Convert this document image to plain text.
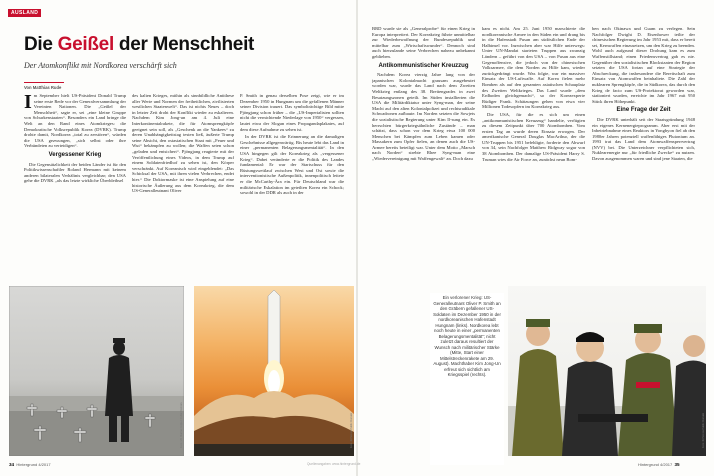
AUSLAND
Die Geißel der Menschheit
Der Atomkonflikt mit Nordkorea verschärft sich
Von Matthias Rude

Im September hielt US-Präsident Donald Trump seine erste Rede vor der Generalversammlung der Vereinten Nationen. Die „Geißel der Menschheit“, sagte er, sei „eine kleine Gruppe von Schurkenstaaten“. Besonders ein Land bringe die Welt an den Rand eines Atomkrieges: die Demokratische Volksrepublik Korea (DVRK). Trump drohte damit, Nordkorea „total zu zerstören“, würden die USA gezwungen, „sich selbst oder ihre Verbündeten zu verteidigen“.

Vergessener Krieg

Die Gegensätzlichkeit der beiden Länder ist für den Politikwissenschaftler Roland Hermann mit keinem anderen bilateralen Verhältnis vergleichbar; den USA gehe die DVRK „als das letzte wirkliche Überbleibsel

des kalten Krieges, mithin als sinnbildliche Antithese aller Werte und Normen der freiheitlichen, zivilisierten westlichen Staatenwelt“. Das ist nichts Neues – doch in letzter Zeit droht der Konflikt wieder zu eskalieren. Nachdem Kim Jong-un am 4. Juli eine Interkontinentalrakete, die für Atomsprengköpfe geeignet sein soll, als „Geschenk an die Yankees“ zu deren Unabhängigkeitstag testen ließ, äußerte Trump seine Absicht, den ostasiatischen Staat mit „Feuer und Wut“ bekämpfen zu wollen; die Waffen seien schon „geladen und entsichert“. Pjöngjang reagierte mit der Veröffentlichung eines Videos, in dem Trump auf einem Soldatenfriedhof zu sehen ist, den Körper verschränkt. Auf Koreanisch wird eingeblendet: „Das Schicksal der USA, mit ihren vielen Verbrechen, endet hier.“ Die Doktormaske ist eine Anspielung auf eine historische Äußerung aus dem Koreakrieg, die dem US-Generalleutnant Oliver

P. Smith in genau derselben Pose zeigt, wie er im Dezember 1950 in Hungnam um die gefallenen Männer seiner Division trauert. Das symbolträchtige Bild mitte Pjöngjang schon früher – die „US-Imperialisten sollten nicht die vernichtende Niederlage von 1950“ vergessen, lautet etwa der Slogan eines Propagandaplakates, auf dem diese Aufnahme zu sehen ist.

In der DVRK ist die Erinnerung an die damaligen Geschehnisse allgegenwärtig. Bis heute lebt das Land in einer „permanenten Belagerungsmentalität“. In den USA hingegen gilt der Koreakrieg als „vergessener Krieg“. Dabei veränderte er die Politik des Landes fundamental: Er war der Startschuss für den Rüstungswettlauf zwischen West und Ost sowie die interventionistische Außenpolitik, innenpolitisch leitete er die McCarthy-Ära ein. Für Deutschland war die militärische Eskalation im geteilten Korea ein Schock; sowohl in der DDR als auch in der

BRD wurde sie als „Generalprobe“ für einen Krieg in Europa interpretiert. Der Koreakrieg führte unmittelbar zur Wiederbewaffnung der Bundesrepublik und mittelbar zum „Wirtschaftswunder“. Dennoch sind auch hierzulande seine Verbrechen nahezu unbekannt geblieben.

Antikommunistischer Kreuzzug

Nachdem Korea vierzig Jahre lang von der japanischen Kolonialmacht grausam ausgebeutet worden war, wurde das Land nach dem Zweiten Weltkrieg entlang des 38. Breitengrades in zwei Besatzungszonen geteilt. Im Süden installierten die USA die Militärdiktatur unter Syng-man, der seine Macht auf den alten Kolonialpolizei und rechtsradikale Schwadronen aufbaute. Im Norden setzten die Sowjets die sozialistische Regierung unter Kim Il-sung ein. Es herrschten bürgerkriegsähnliche Zustände – man schätzt, dass schon vor dem Krieg etwa 100 000 Menschen bei Kämpfen zum Leben kamen oder Massakern zum Opfer fielen, an denen auch die US-Armee bereits beteiligt war. Unter dem Motto „Marsch nach Norden“ strebte Rhee Syng-man eine „Wiedervereinigung mit Waffengewalt“ an. Doch dazu

kam es nicht. Am 25. Juni 1950 marschierte die nordkoreanische Armee in den Süden ein und drang bis in die Hafenstadt Pusan am südöstlichen Ende der Halbinsel vor. Inzwischen aber war Hilfe unterwegs: Unter UN-Mandat starteten Truppen aus zwanzig Ländern – geführt von den USA – von Pusan aus eine Gegenoffensive, die jedoch von der chinesischen Volksarmee, die dem Norden zu Hilfe kam, wieder zurückgedrängt wurde. Was folgte, war ein massiver Einsatz der US-Luftwaffe. Auf Korea fielen mehr Bomben als auf den gesamten asiatischen Schauplatz des Zweiten Weltkrieges. Das Land wurde „dem Erdboden gleichgemacht“, so der Koreaexperte Rüdiger Frank. Schätzungen gehen von etwa vier Millionen Todesopfern im Koreakrieg aus.

Die USA, für die es sich um einen „antikommunistischen Kreuzzug“ handelte, verfügten zu diesem Zeitpunkt über 700 Atombomben. Vom ersten Tag an wurde deren Einsatz erwogen. Der amerikanische General Douglas MacArthur, der die UN-Truppen bis 1951 befehligte, forderte den Abwurf von 34, sein Nachfolger Matthew Ridgway sogar von 38 Atombomben. Der damalige US-Präsident Harry S. Truman wies die Air Force an, zunächst neun Bom-

ben nach Okinawa und Guam zu verlegen. Sein Nachfolger Dwight D. Eisenhower teilte der chinesischen Regierung im Jahr 1953 mit, dass er bereit sei, Kernwaffen einzusetzen, um den Krieg zu beenden. Wohl auch aufgrund dieser Drohung kam es zum Waffenstillstand; einen Friedensvertrag gab es nie. Gegenüber den sozialistischen Blockstaaten der Region setzten die USA fortan auf eine Strategie der Abschreckung, die insbesondere die Bereitschaft zum Einsatz von Atomwaffen beinhaltete. Die Zahl der nuklearen Sprengköpfe, die in Südkorea, das durch den Krieg de facto zum US-Protektorat geworden war, stationiert wurden, erreichte im Jahr 1967 mit 950 Stück ihren Höhepunkt.

Eine Frage der Zeit

Die DVRK unterhält seit der Staatsgründung 1948 ein eigenes Kernenergieprogramm. Aber erst mit der Inbetriebnahme eines Reaktors in Yongbyon fiel ab den 1980er Jahren potenziell waffenfähiges Plutonium an. 1993 trat das Land dem Atomwaffensperrvertrag (NVV) bei. Die Unterzeichner verpflichteten sich, Nuklearenergie nur „für friedliche Zwecke“ zu nutzen. Davon ausgenommen waren und sind jene Staaten, die

Foto: US Marine Corps / Public Domain	Foto: KCNA via Public Domain
Ein verlorener Krieg: US-Generalleutnant Oliver P. Smith an den Gräbern gefallener US-Soldaten im Dezember 1950 in der nordkoreanischen Hafenstadt Hungnam (links). Nordkorea lebt noch heute in einer „permanenten Belagerungsmentalität“; nicht zuletzt daraus resultiert der Wunsch nach militärischer Stärke (Mitte, Start einer Mittelstreckenrakete am 29. August). Machthaber Kim Jong-Un erfreut sich sichtlich am Kriegsspiel (rechts).
Foto: KCNA via Public Domain
34 Hintergrund 4/2017	Quellenangaben: www.hintergrund.de	Hintergrund 4/2017 35
